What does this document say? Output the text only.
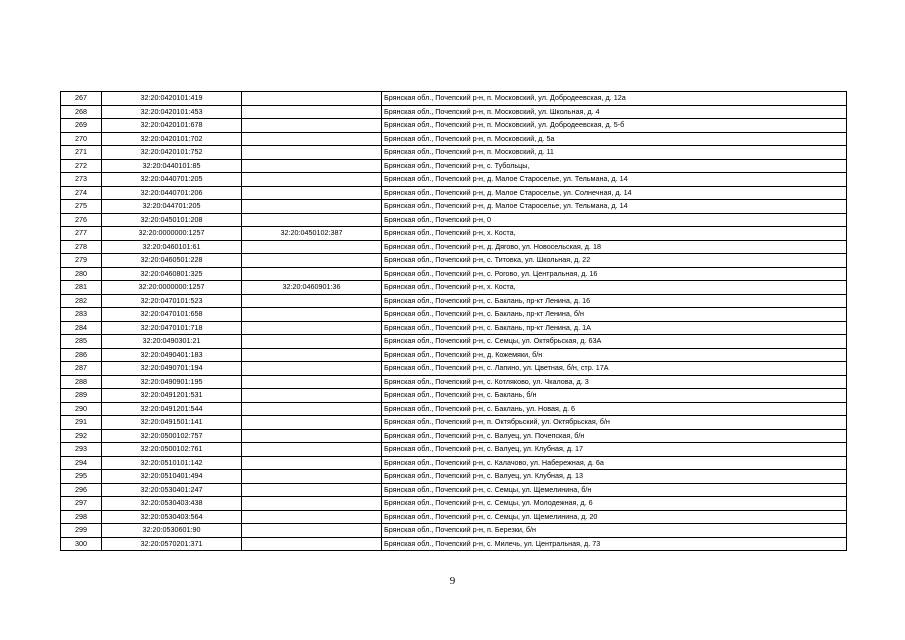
267	32:20:0420101:419		Брянская обл., Почепский р-н, п. Московский, ул. Добродеевская, д. 12а
268	32:20:0420101:453		Брянская обл., Почепский р-н, п. Московский, ул. Школьная, д. 4
269	32:20:0420101:678		Брянская обл., Почепский р-н, п. Московский, ул. Добродеевская, д. 5-б
270	32:20:0420101:702		Брянская обл., Почепский р-н, п. Московский, д. 5а
271	32:20:0420101:752		Брянская обл., Почепский р-н, п. Московский, д. 11
272	32:20:0440101:85		Брянская обл., Почепский р-н, с. Тубольцы,
273	32:20:0440701:205		Брянская обл., Почепский р-н, д. Малое Староселье, ул. Тельмана, д. 14
274	32:20:0440701:206		Брянская обл., Почепский р-н, д. Малое Староселье, ул. Солнечная, д. 14
275	32:20:044701:205		Брянская обл., Почепский р-н, д. Малое Староселье, ул. Тельмана, д. 14
276	32:20:0450101:208		Брянская обл., Почепский р-н, 0
277	32:20:0000000:1257	32:20:0450102:387	Брянская обл., Почепский р-н, х. Коста,
278	32:20:0460101:61		Брянская обл., Почепский р-н, д. Дягово, ул. Новосельская, д. 18
279	32:20:0460501:228		Брянская обл., Почепский р-н, с. Титовка, ул. Школьная, д. 22
280	32:20:0460801:325		Брянская обл., Почепский р-н, с. Рогово, ул. Центральная, д. 16
281	32:20:0000000:1257	32:20:0460901:36	Брянская обл., Почепский р-н, х. Коста,
282	32:20:0470101:523		Брянская обл., Почепский р-н, с. Баклань, пр-кт Ленина, д. 16
283	32:20:0470101:658		Брянская обл., Почепский р-н, с. Баклань, пр-кт Ленина, б/н
284	32:20:0470101:718		Брянская обл., Почепский р-н, с. Баклань, пр-кт Ленина, д. 1А
285	32:20:0490301:21		Брянская обл., Почепский р-н, с. Семцы, ул. Октябрьская, д. 63А
286	32:20:0490401:183		Брянская обл., Почепский р-н, д. Кожемяки, б/н
287	32:20:0490701:194		Брянская обл., Почепский р-н, с. Лапино, ул. Цветная, б/н, стр. 17А
288	32:20:0490901:195		Брянская обл., Почепский р-н, с. Котляково, ул. Чкалова, д. 3
289	32:20:0491201:531		Брянская обл., Почепский р-н, с. Баклань, б/н
290	32:20:0491201:544		Брянская обл., Почепский р-н, с. Баклань, ул. Новая, д. 6
291	32:20:0491501:141		Брянская обл., Почепский р-н, п. Октябрьский, ул. Октябрьская, б/н
292	32:20:0500102:757		Брянская обл., Почепский р-н, с. Валуец, ул. Почепская, б/н
293	32:20:0500102:761		Брянская обл., Почепский р-н, с. Валуец, ул. Клубная, д. 17
294	32:20:0510101:142		Брянская обл., Почепский р-н, с. Калачово, ул. Набережная, д. 6а
295	32:20:0510401:494		Брянская обл., Почепский р-н, с. Валуец, ул. Клубная, д. 13
296	32:20:0530401:247		Брянская обл., Почепский р-н, с. Семцы, ул. Щемелинина, б/н
297	32:20:0530403:438		Брянская обл., Почепский р-н, с. Семцы, ул. Молодежная, д. 6
298	32:20:0530403:564		Брянская обл., Почепский р-н, с. Семцы, ул. Щемелинина, д. 20
299	32:20:0530601:90		Брянская обл., Почепский р-н, п. Березки, б/н
300	32:20:0570201:371		Брянская обл., Почепский р-н, с. Милечь, ул. Центральная, д. 73
9
